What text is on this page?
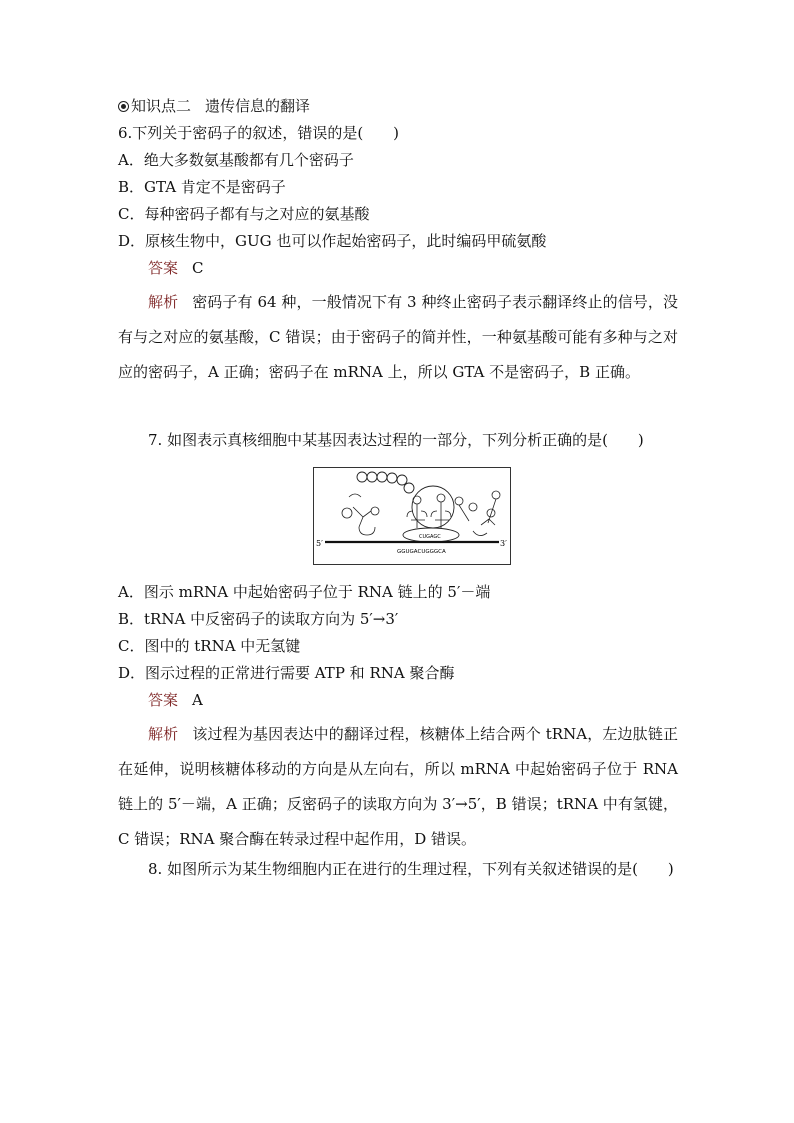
知识点二 遗传信息的翻译
6.下列关于密码子的叙述，错误的是(　　)
A．绝大多数氨基酸都有几个密码子
B．GTA 肯定不是密码子
C．每种密码子都有与之对应的氨基酸
D．原核生物中，GUG 也可以作起始密码子，此时编码甲硫氨酸
答案 C
解析 密码子有 64 种，一般情况下有 3 种终止密码子表示翻译终止的信号，没有与之对应的氨基酸，C 错误；由于密码子的简并性，一种氨基酸可能有多种与之对应的密码子，A 正确；密码子在 mRNA 上，所以 GTA 不是密码子，B 正确。
7. 如图表示真核细胞中某基因表达过程的一部分，下列分析正确的是(　　)
5′	3′
CUGAGC
GGUGACUGGGCA
A．图示 mRNA 中起始密码子位于 RNA 链上的 5′－端
B．tRNA 中反密码子的读取方向为 5′→3′
C．图中的 tRNA 中无氢键
D．图示过程的正常进行需要 ATP 和 RNA 聚合酶
答案 A
解析 该过程为基因表达中的翻译过程，核糖体上结合两个 tRNA，左边肽链正在延伸，说明核糖体移动的方向是从左向右，所以 mRNA 中起始密码子位于 RNA 链上的 5′－端，A 正确；反密码子的读取方向为 3′→5′，B 错误；tRNA 中有氢键，C 错误；RNA 聚合酶在转录过程中起作用，D 错误。
8. 如图所示为某生物细胞内正在进行的生理过程，下列有关叙述错误的是(　　)
